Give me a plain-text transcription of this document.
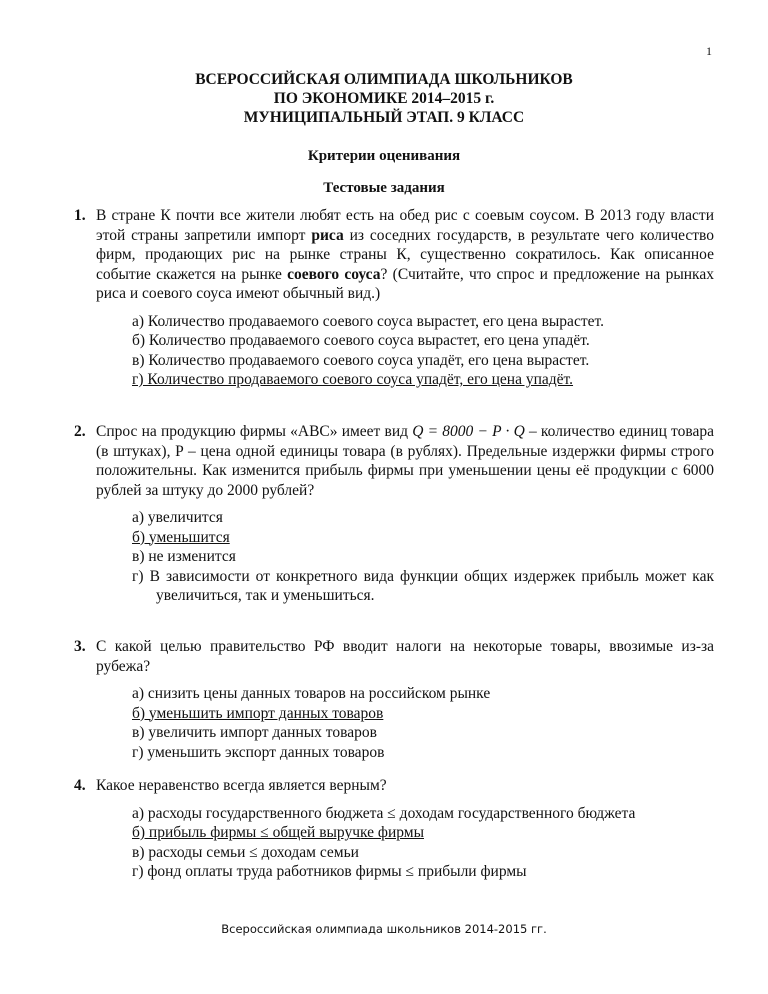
1
ВСЕРОССИЙСКАЯ ОЛИМПИАДА ШКОЛЬНИКОВ
ПО ЭКОНОМИКЕ 2014–2015 г.
МУНИЦИПАЛЬНЫЙ ЭТАП. 9 КЛАСС
Критерии оценивания
Тестовые задания
1. В стране К почти все жители любят есть на обед рис с соевым соусом. В 2013 году власти этой страны запретили импорт риса из соседних государств, в результате чего количество фирм, продающих рис на рынке страны К, существенно сократилось. Как описанное событие скажется на рынке соевого соуса? (Считайте, что спрос и предложение на рынках риса и соевого соуса имеют обычный вид.)
а) Количество продаваемого соевого соуса вырастет, его цена вырастет.
б) Количество продаваемого соевого соуса вырастет, его цена упадёт.
в) Количество продаваемого соевого соуса упадёт, его цена вырастет.
г) Количество продаваемого соевого соуса упадёт, его цена упадёт.
2. Спрос на продукцию фирмы «АВС» имеет вид Q = 8000 − P · Q – количество единиц товара (в штуках), P – цена одной единицы товара (в рублях). Предельные издержки фирмы строго положительны. Как изменится прибыль фирмы при уменьшении цены её продукции с 6000 рублей за штуку до 2000 рублей?
а) увеличится
б) уменьшится
в) не изменится
г) В зависимости от конкретного вида функции общих издержек прибыль может как увеличиться, так и уменьшиться.
3. С какой целью правительство РФ вводит налоги на некоторые товары, ввозимые из-за рубежа?
а) снизить цены данных товаров на российском рынке
б) уменьшить импорт данных товаров
в) увеличить импорт данных товаров
г) уменьшить экспорт данных товаров
4. Какое неравенство всегда является верным?
а) расходы государственного бюджета ≤ доходам государственного бюджета
б) прибыль фирмы ≤ общей выручке фирмы
в) расходы семьи ≤ доходам семьи
г) фонд оплаты труда работников фирмы ≤ прибыли фирмы
Всероссийская олимпиада школьников 2014-2015 гг.
